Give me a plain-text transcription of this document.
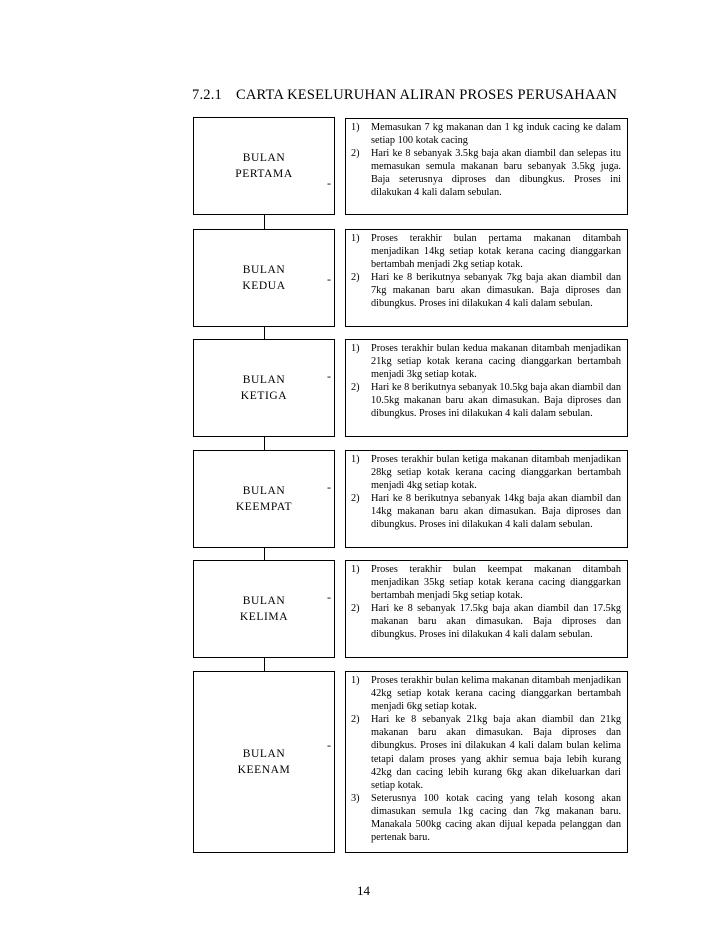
7.2.1 CARTA KESELURUHAN ALIRAN PROSES PERUSAHAAN
BULAN
PERTAMA
-
1) Memasukan 7 kg makanan dan 1 kg induk cacing ke dalam setiap 100 kotak cacing
2) Hari ke 8 sebanyak 3.5kg baja akan diambil dan selepas itu memasukan semula makanan baru sebanyak 3.5kg juga. Baja seterusnya diproses dan dibungkus. Proses ini dilakukan 4 kali dalam sebulan.
BULAN
KEDUA	-
1) Proses terakhir bulan pertama makanan ditambah menjadikan 14kg setiap kotak kerana cacing dianggarkan bertambah menjadi 2kg setiap kotak.
2) Hari ke 8 berikutnya sebanyak 7kg baja akan diambil dan 7kg makanan baru akan dimasukan. Baja diproses dan dibungkus. Proses ini dilakukan 4 kali dalam sebulan.
BULAN
KETIGA
-
1) Proses terakhir bulan kedua makanan ditambah menjadikan 21kg setiap kotak kerana cacing dianggarkan bertambah menjadi 3kg setiap kotak.
2) Hari ke 8 berikutnya sebanyak 10.5kg baja akan diambil dan 10.5kg makanan baru akan dimasukan. Baja diproses dan dibungkus. Proses ini dilakukan 4 kali dalam sebulan.
BULAN
KEEMPAT
-
1) Proses terakhir bulan ketiga makanan ditambah menjadikan 28kg setiap kotak kerana cacing dianggarkan bertambah menjadi 4kg setiap kotak.
2) Hari ke 8 berikutnya sebanyak 14kg baja akan diambil dan 14kg makanan baru akan dimasukan. Baja diproses dan dibungkus. Proses ini dilakukan 4 kali dalam sebulan.
BULAN
KELIMA
-
1) Proses terakhir bulan keempat makanan ditambah menjadikan 35kg setiap kotak kerana cacing dianggarkan bertambah menjadi 5kg setiap kotak.
2) Hari ke 8 sebanyak 17.5kg baja akan diambil dan 17.5kg makanan baru akan dimasukan. Baja diproses dan dibungkus. Proses ini dilakukan 4 kali dalam sebulan.
BULAN
KEENAM
-
1) Proses terakhir bulan kelima makanan ditambah menjadikan 42kg setiap kotak kerana cacing dianggarkan bertambah menjadi 6kg setiap kotak.
2) Hari ke 8 sebanyak 21kg baja akan diambil dan 21kg makanan baru akan dimasukan. Baja diproses dan dibungkus. Proses ini dilakukan 4 kali dalam bulan kelima tetapi dalam proses yang akhir semua baja lebih kurang 42kg dan cacing lebih kurang 6kg akan dikeluarkan dari setiap kotak.
3) Seterusnya 100 kotak cacing yang telah kosong akan dimasukan semula 1kg cacing dan 7kg makanan baru. Manakala 500kg cacing akan dijual kepada pelanggan dan pertenak baru.
14
